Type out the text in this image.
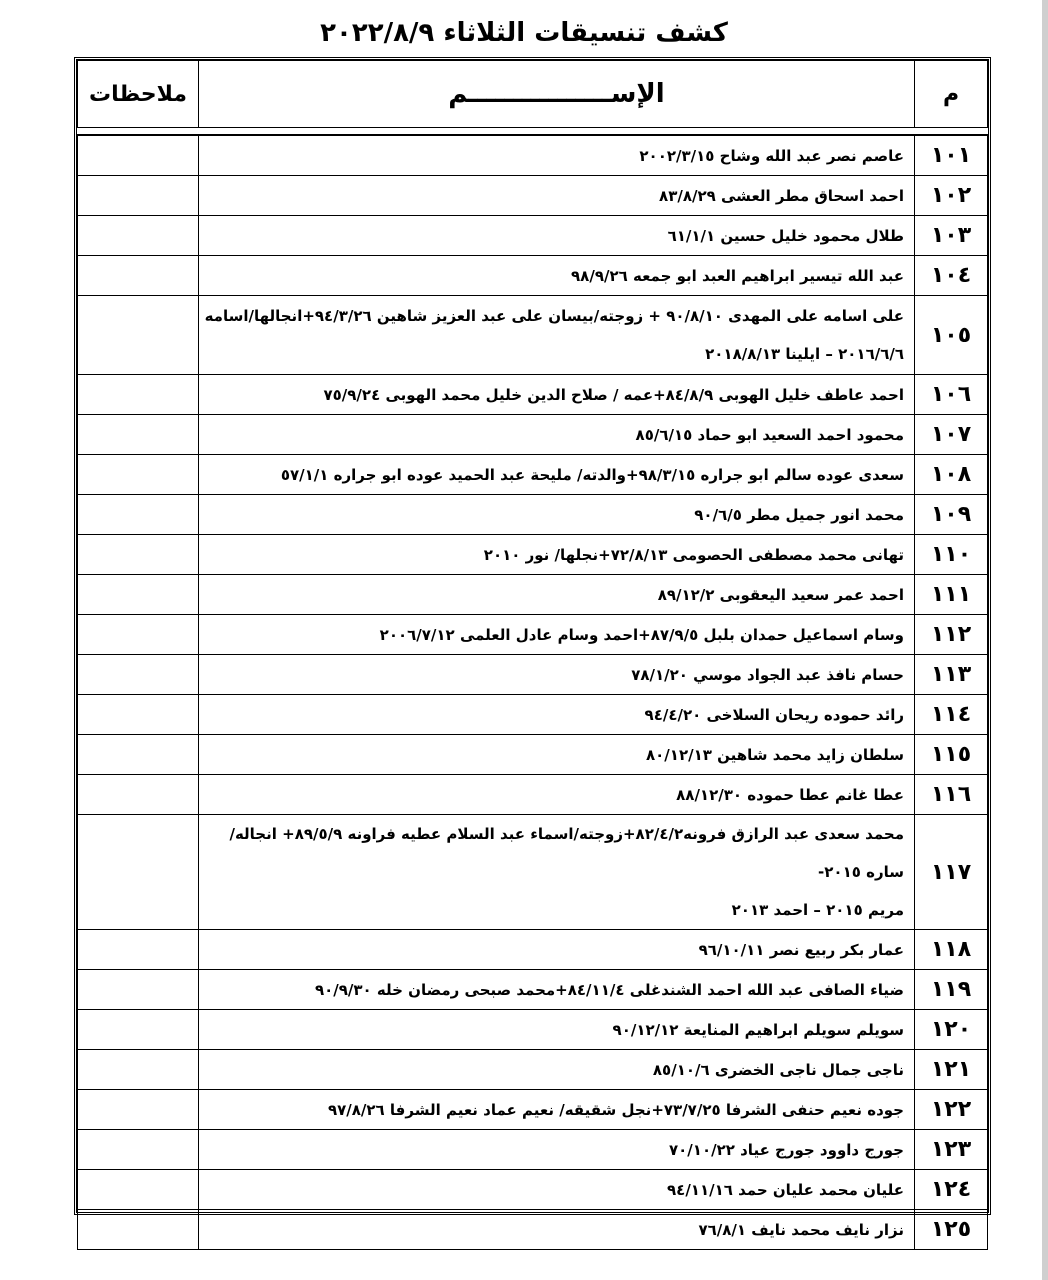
كشف تنسيقات الثلاثاء ٢٠٢٢/٨/٩
م	الإســــــــــــــــم	ملاحظات

١٠١	عاصم نصر عبد الله وشاح ٢٠٠٢/٣/١٥	

١٠٢	احمد اسحاق مطر العشى ٨٣/٨/٢٩	

١٠٣	طلال محمود خليل حسين ٦١/١/١	

١٠٤	عبد الله تيسير ابراهيم العبد ابو جمعه ٩٨/٩/٢٦	

١٠٥	على اسامه على المهدى ٩٠/٨/١٠ + زوجته/بيسان على عبد العزيز شاهين ٩٤/٣/٢٦+انجالها/اسامه
٢٠١٦/٦/٦ – ايلينا ٢٠١٨/٨/١٣	

١٠٦	احمد عاطف خليل الهوبى ٨٤/٨/٩+عمه / صلاح الدين خليل محمد الهوبى ٧٥/٩/٢٤	

١٠٧	محمود احمد السعيد ابو حماد ٨٥/٦/١٥	

١٠٨	سعدى عوده سالم ابو جراره ٩٨/٣/١٥+والدته/ مليحة عبد الحميد عوده ابو جراره ٥٧/١/١	

١٠٩	محمد انور جميل مطر ٩٠/٦/٥	

١١٠	تهانى محمد مصطفى الحصومى ٧٢/٨/١٣+نجلها/ نور ٢٠١٠	

١١١	احمد عمر سعيد اليعقوبى ٨٩/١٢/٢	

١١٢	وسام اسماعيل حمدان بلبل ٨٧/٩/٥+احمد وسام عادل العلمى ٢٠٠٦/٧/١٢	

١١٣	حسام نافذ عبد الجواد موسي ٧٨/١/٢٠	

١١٤	رائد حموده ريحان السلاخى ٩٤/٤/٢٠	

١١٥	سلطان زايد محمد شاهين ٨٠/١٢/١٣	

١١٦	عطا غانم عطا حموده ٨٨/١٢/٣٠	

١١٧	محمد سعدى عبد الرازق فرونه٨٢/٤/٢+زوجته/اسماء عبد السلام عطيه فراونه ٨٩/٥/٩+ انجاله/ ساره ٢٠١٥-
مريم ٢٠١٥ – احمد ٢٠١٣	

١١٨	عمار بكر ربيع نصر ٩٦/١٠/١١	

١١٩	ضياء الصافى عبد الله احمد الشندغلى ٨٤/١١/٤+محمد صبحى رمضان خله ٩٠/٩/٣٠	

١٢٠	سويلم سويلم ابراهيم المنايعة ٩٠/١٢/١٢	

١٢١	ناجى جمال ناجى الخضرى ٨٥/١٠/٦	

١٢٢	جوده نعيم حنفى الشرفا ٧٣/٧/٢٥+نجل شقيقه/ نعيم عماد نعيم الشرفا ٩٧/٨/٢٦	

١٢٣	جورج داوود جورج عياد ٧٠/١٠/٢٢	

١٢٤	عليان محمد عليان حمد ٩٤/١١/١٦	

١٢٥	نزار نايف محمد نايف ٧٦/٨/١	
